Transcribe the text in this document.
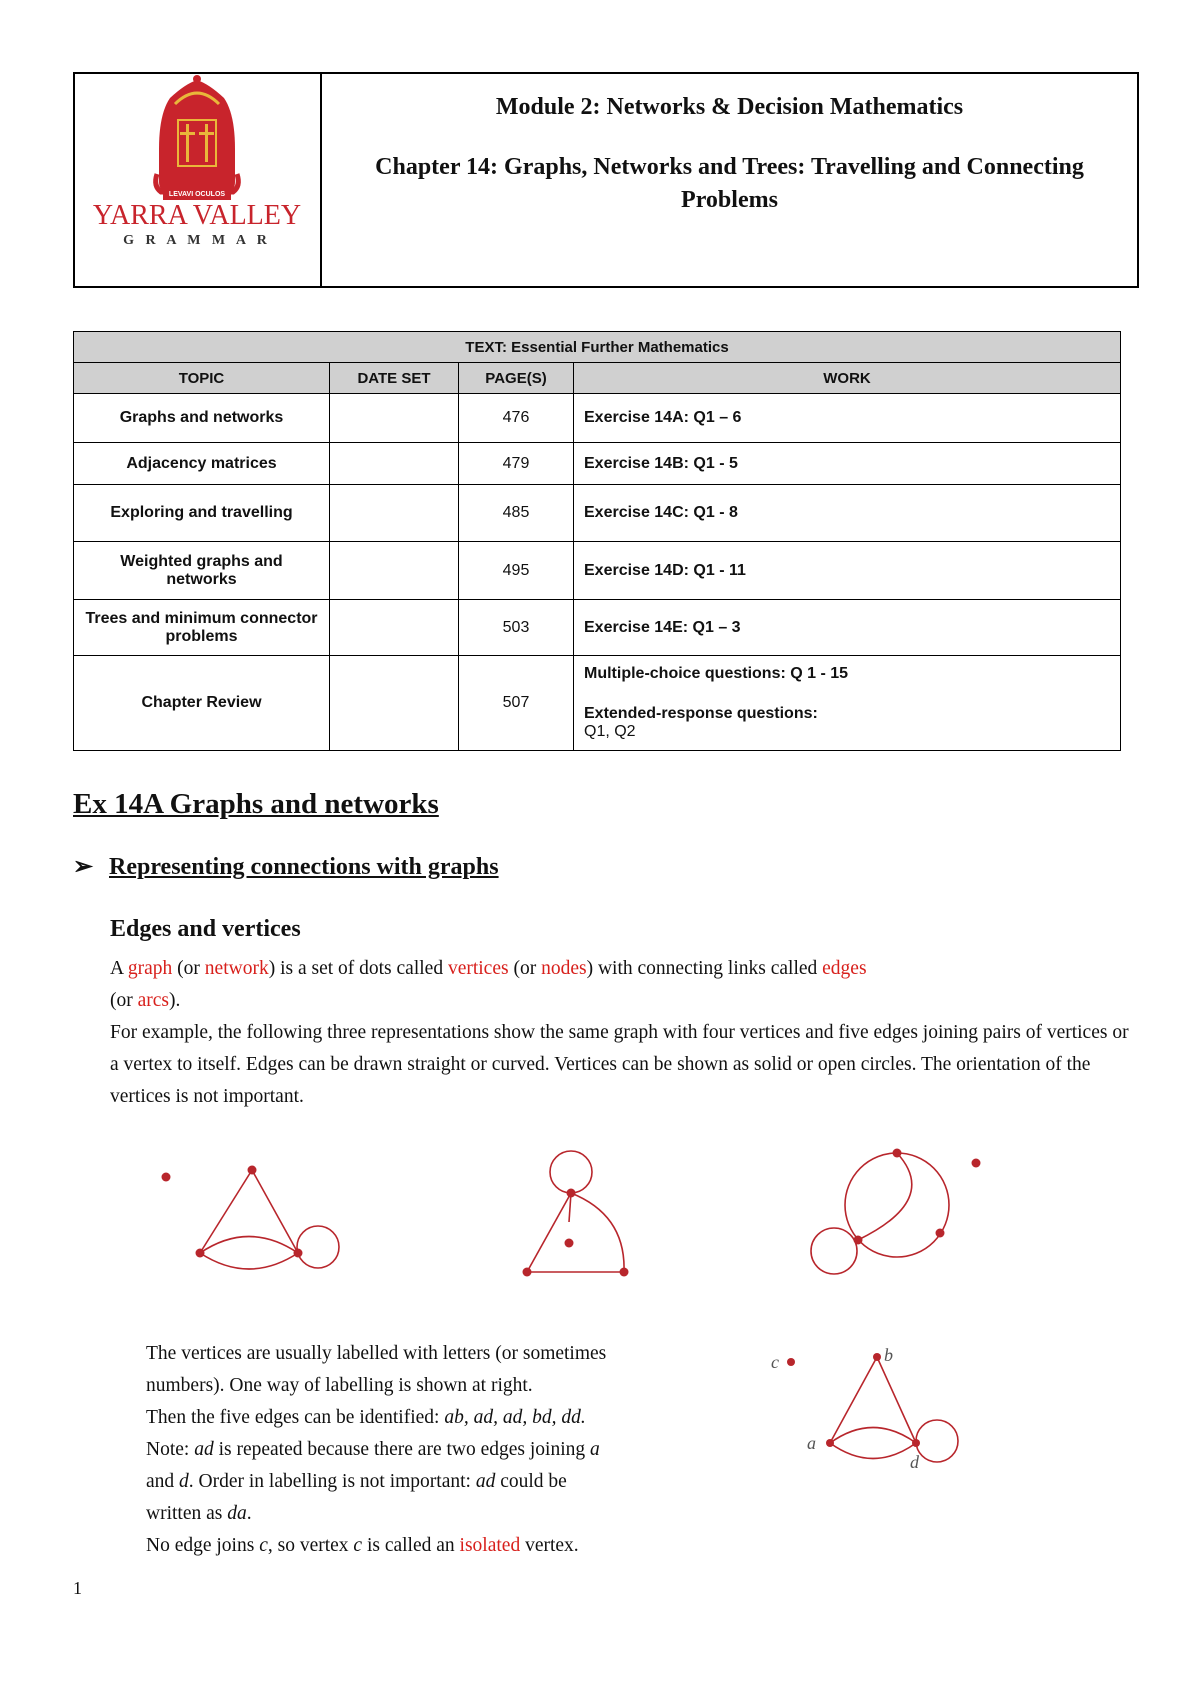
LEVAVI OCULOS
YARRA VALLEY
G R A M M A R
Module 2: Networks & Decision Mathematics
Chapter 14: Graphs, Networks and Trees: Travelling and Connecting Problems
TEXT: Essential Further Mathematics			
TOPIC	DATE SET	PAGE(S)	WORK
Graphs and networks		476	Exercise 14A: Q1 – 6
Adjacency matrices		479	Exercise 14B: Q1 - 5
Exploring and travelling		485	Exercise 14C: Q1 - 8
Weighted graphs and networks		495	Exercise 14D: Q1 - 11
Trees and minimum connector problems		503	Exercise 14E: Q1 – 3
Chapter Review		507	Multiple-choice questions: Q 1 - 15
Extended-response questions:
Q1, Q2
Ex 14A Graphs and networks
➢ Representing connections with graphs
Edges and vertices
A graph (or network) is a set of dots called vertices (or nodes) with connecting links called edges
(or arcs).
For example, the following three representations show the same graph with four vertices and five edges joining pairs of vertices or a vertex to itself. Edges can be drawn straight or curved. Vertices can be shown as solid or open circles. The orientation of the vertices is not important.
a
b
c
d
The vertices are usually labelled with letters (or sometimes
numbers). One way of labelling is shown at right.
Then the five edges can be identified: ab, ad, ad, bd, dd.
Note: ad is repeated because there are two edges joining a
and d. Order in labelling is not important: ad could be
written as da.
No edge joins c, so vertex c is called an isolated vertex.
1
